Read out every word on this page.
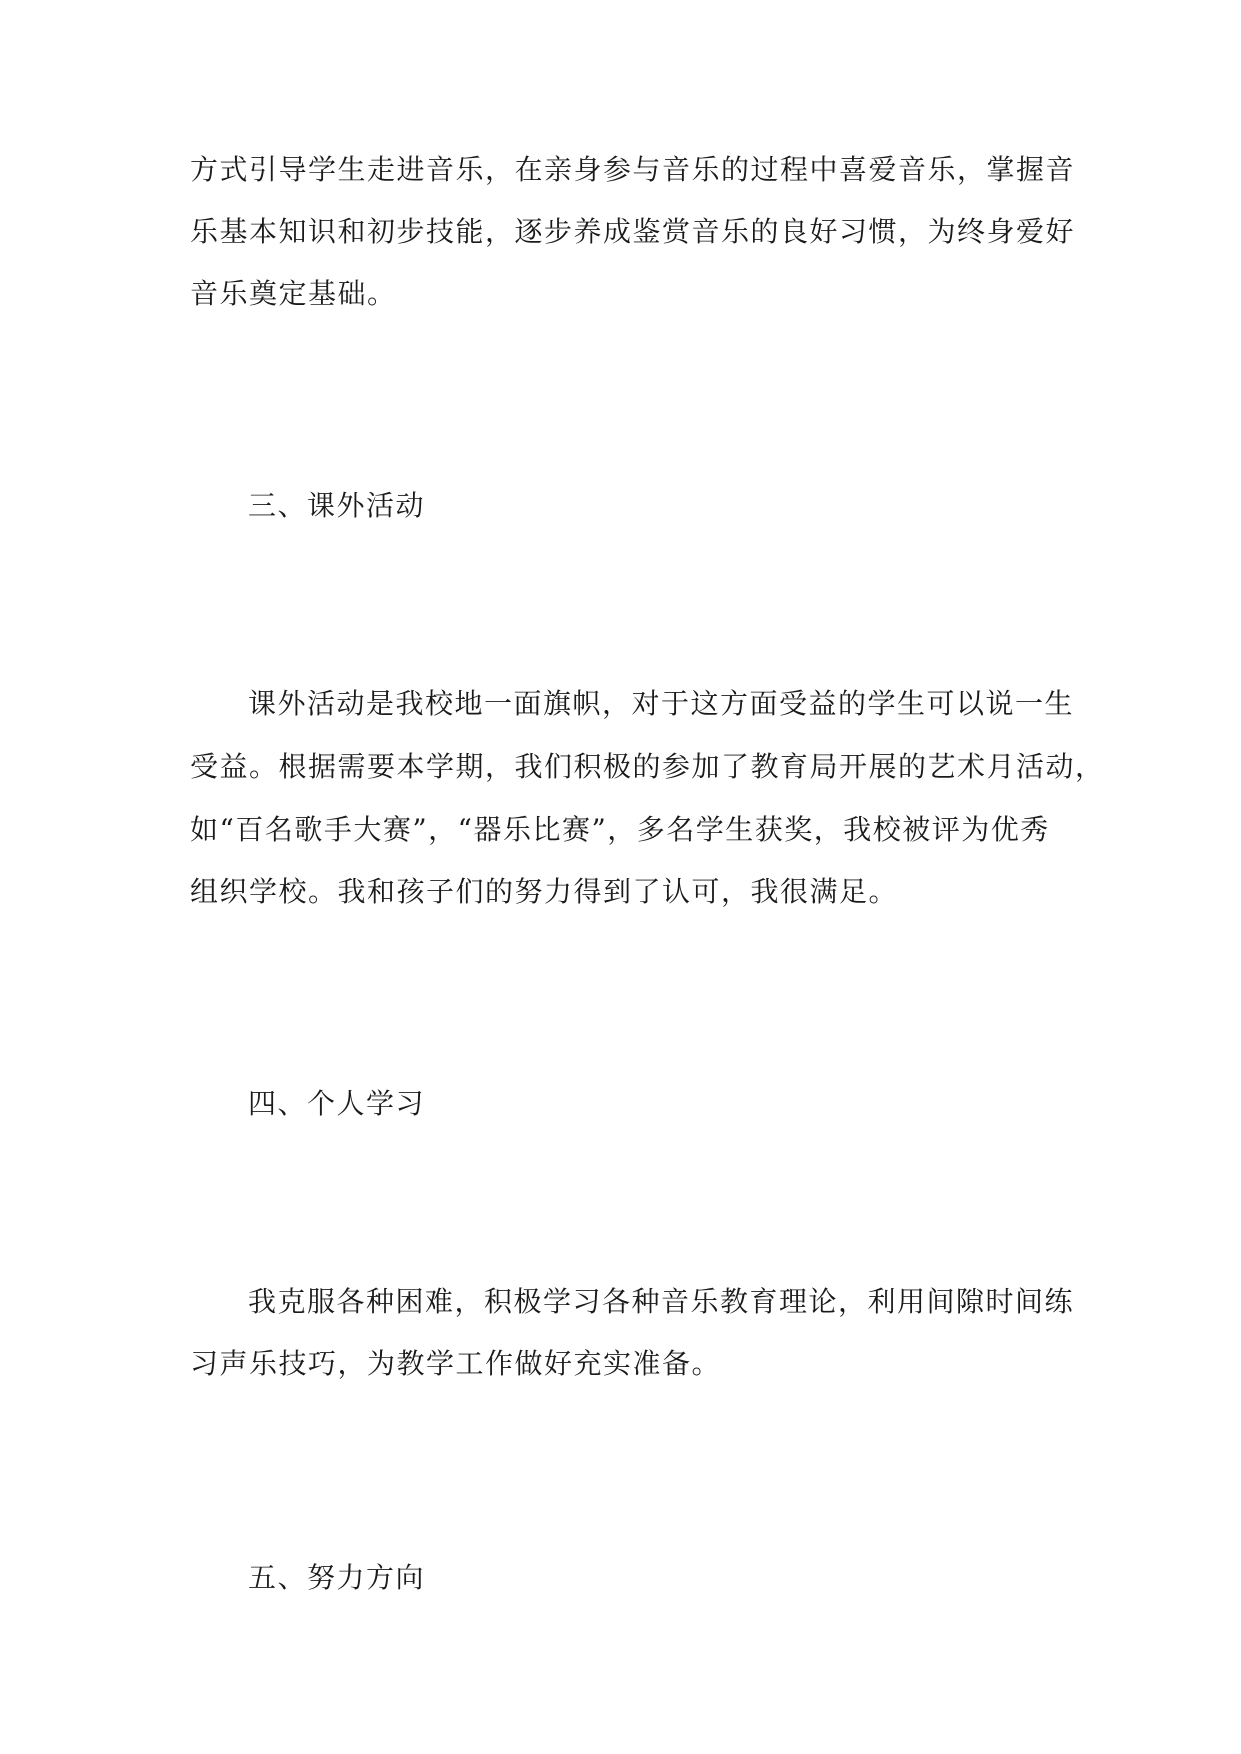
方式引导学生走进音乐，在亲身参与音乐的过程中喜爱音乐，掌握音
乐基本知识和初步技能，逐步养成鉴赏音乐的良好习惯，为终身爱好
音乐奠定基础。
三、课外活动
课外活动是我校地一面旗帜，对于这方面受益的学生可以说一生
受益。根据需要本学期，我们积极的参加了教育局开展的艺术月活动，
如“百名歌手大赛”，“器乐比赛”，多名学生获奖，我校被评为优秀
组织学校。我和孩子们的努力得到了认可，我很满足。
四、个人学习
我克服各种困难，积极学习各种音乐教育理论，利用间隙时间练
习声乐技巧，为教学工作做好充实准备。
五、努力方向
